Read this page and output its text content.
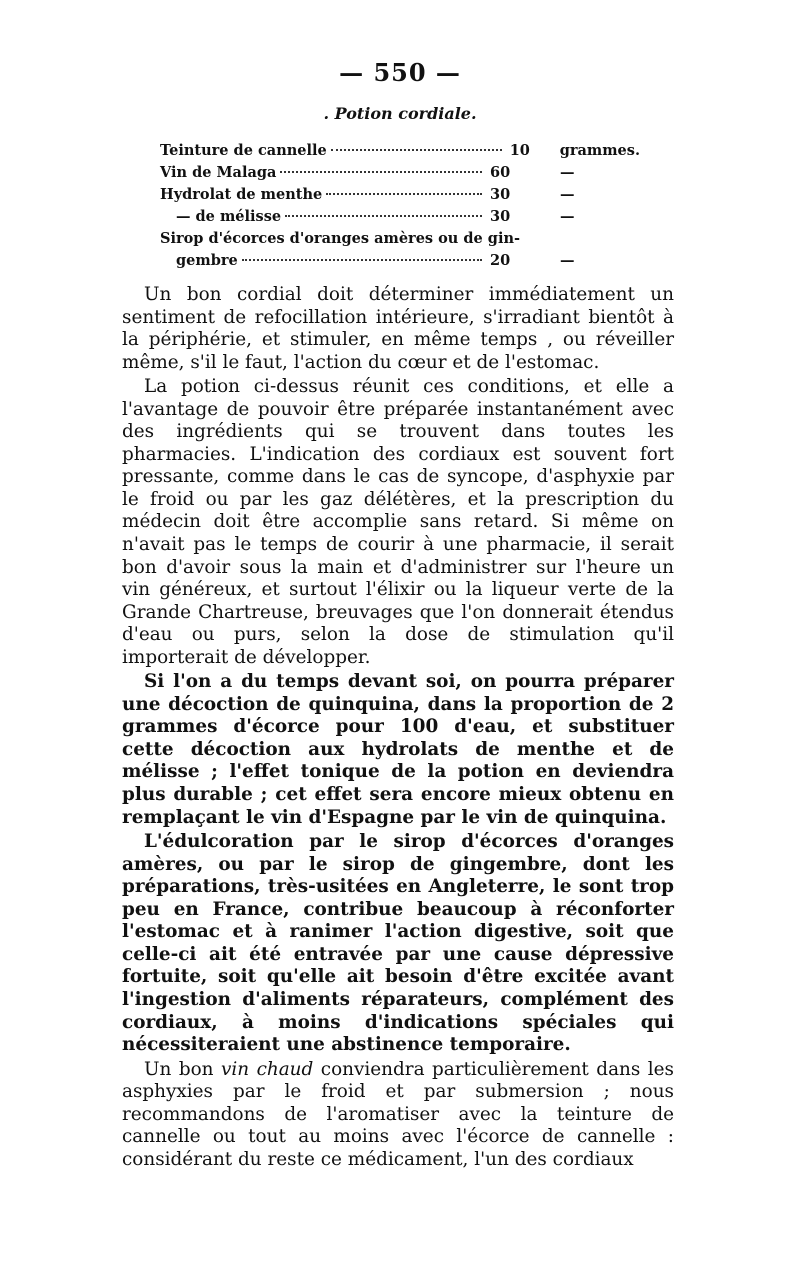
— 550 —
. Potion cordiale.
Teinture de cannelle	10	grammes.
Vin de Malaga	60	—
Hydrolat de menthe	30	—
— de mélisse	30	—
Sirop d'écorces d'oranges amères ou de gin-
gembre	20	—

Un bon cordial doit déterminer immédiatement un sentiment de refocillation intérieure, s'irradiant bientôt à la périphérie, et stimuler, en même temps , ou réveiller même, s'il le faut, l'action du cœur et de l'estomac.

La potion ci-dessus réunit ces conditions, et elle a l'avantage de pouvoir être préparée instantanément avec des ingrédients qui se trouvent dans toutes les pharmacies. L'indication des cordiaux est souvent fort pressante, comme dans le cas de syncope, d'asphyxie par le froid ou par les gaz délétères, et la prescription du médecin doit être accomplie sans retard. Si même on n'avait pas le temps de courir à une pharmacie, il serait bon d'avoir sous la main et d'administrer sur l'heure un vin généreux, et surtout l'élixir ou la liqueur verte de la Grande Chartreuse, breuvages que l'on donnerait étendus d'eau ou purs, selon la dose de stimulation qu'il importerait de développer.

Si l'on a du temps devant soi, on pourra préparer une décoction de quinquina, dans la proportion de 2 grammes d'écorce pour 100 d'eau, et substituer cette décoction aux hydrolats de menthe et de mélisse ; l'effet tonique de la potion en deviendra plus durable ; cet effet sera encore mieux obtenu en remplaçant le vin d'Espagne par le vin de quinquina.

L'édulcoration par le sirop d'écorces d'oranges amères, ou par le sirop de gingembre, dont les préparations, très-usitées en Angleterre, le sont trop peu en France, contribue beaucoup à réconforter l'estomac et à ranimer l'action digestive, soit que celle-ci ait été entravée par une cause dépressive fortuite, soit qu'elle ait besoin d'être excitée avant l'ingestion d'aliments réparateurs, complément des cordiaux, à moins d'indications spéciales qui nécessiteraient une abstinence temporaire.

Un bon vin chaud conviendra particulièrement dans les asphyxies par le froid et par submersion ; nous recommandons de l'aromatiser avec la teinture de cannelle ou tout au moins avec l'écorce de cannelle : considérant du reste ce médicament, l'un des cordiaux
